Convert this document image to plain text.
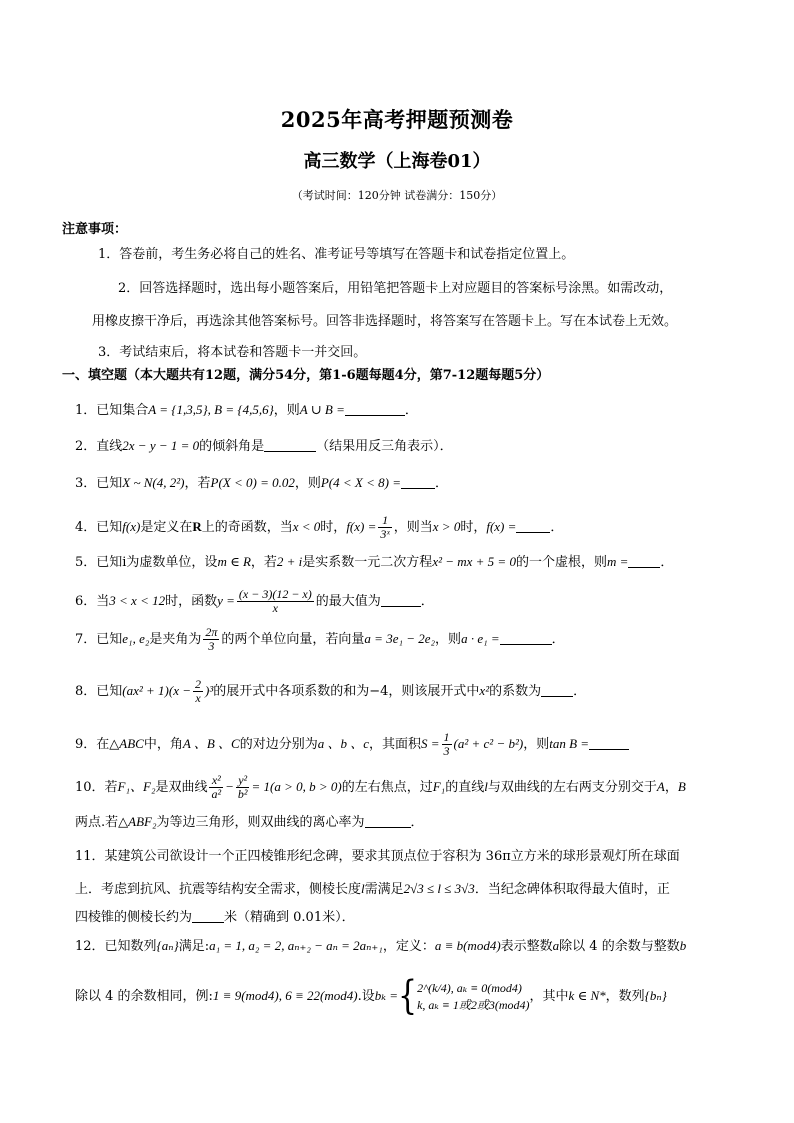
2025年高考押题预测卷
高三数学（上海卷01）
（考试时间：120分钟 试卷满分：150分）
注意事项：
1．答卷前，考生务必将自己的姓名、准考证号等填写在答题卡和试卷指定位置上。
2．回答选择题时，选出每小题答案后，用铅笔把答题卡上对应题目的答案标号涂黑。如需改动，
用橡皮擦干净后，再选涂其他答案标号。回答非选择题时，将答案写在答题卡上。写在本试卷上无效。
3．考试结束后，将本试卷和答题卡一并交回。
一、填空题（本大题共有12题，满分54分，第1-6题每题4分，第7-12题每题5分）
1．已知集合A = {1,3,5}, B = {4,5,6}，则A ∪ B =	．
2．直线2x − y − 1 = 0的倾斜角是	（结果用反三角表示）．
3．已知X ~ N(4, 2²)，若P(X < 0) = 0.02，则P(4 < X < 8) =	．
4．已知f(x)是定义在R上的奇函数，当x < 0时，$f(x) = \frac{1}{\text{3ˣ}}$ ，则当x > 0时，f(x) =	．
5．已知i为虚数单位，设m ∈ R，若2 + i是实系数一元二次方程x² − mx + 5 = 0的一个虚根，则m = ．
6．当3 < x < 12时，函数$y = \frac{(x - 3)(12 - x)}{x}$ 的最大值为	．
7．已知e₁, e₂是夹角为 $\frac{2\pi}{3}$ 的两个单位向量，若向量a = 3e₁ − 2e₂，则a · e₁ =	．
8．已知$(ax^2 + 1)(x - \frac{2}{x} )^3$的展开式中各项系数的和为−4，则该展开式中x²的系数为 ．
9．在△ABC中，角A 、B 、C的对边分别为a 、b 、c，其面积$S = \frac{1}{3} (a^2 + c^2 - b^2)$，则tan B =
10．若F₁、F₂是双曲线 $\frac{\text{x²}}{\text{a²}} - \frac{\text{y²}}{\text{b²}} = 1(a > 0$, b > 0)的左右焦点，过F₁的直线l与双曲线的左右两支分别交于A，B
两点.若△ABF₂为等边三角形，则双曲线的离心率为	．
11．某建筑公司欲设计一个正四棱锥形纪念碑，要求其顶点位于容积为 36π立方米的球形景观灯所在球面
上．考虑到抗风、抗震等结构安全需求，侧棱长度l需满足2√3 ≤ l ≤ 3√3．当纪念碑体积取得最大值时，正
四棱锥的侧棱长约为 米（精确到 0.01米）．
12．已知数列{aₙ}满足:a₁ = 1, a₂ = 2, aₙ₊₂ − aₙ = 2aₙ₊₁，定义：a ≡ b(mod4)表示整数a除以 4 的余数与整数b
除以 4 的余数相同，例:1 ≡ 9(mod4), 6 ≡ 22(mod4).设bₖ ={ 2^(k/4), aₖ ≡ 0(mod4)
k, aₖ ≡ 1或2或3(mod4)
，其中k ∈ N*，数列{bₙ}
